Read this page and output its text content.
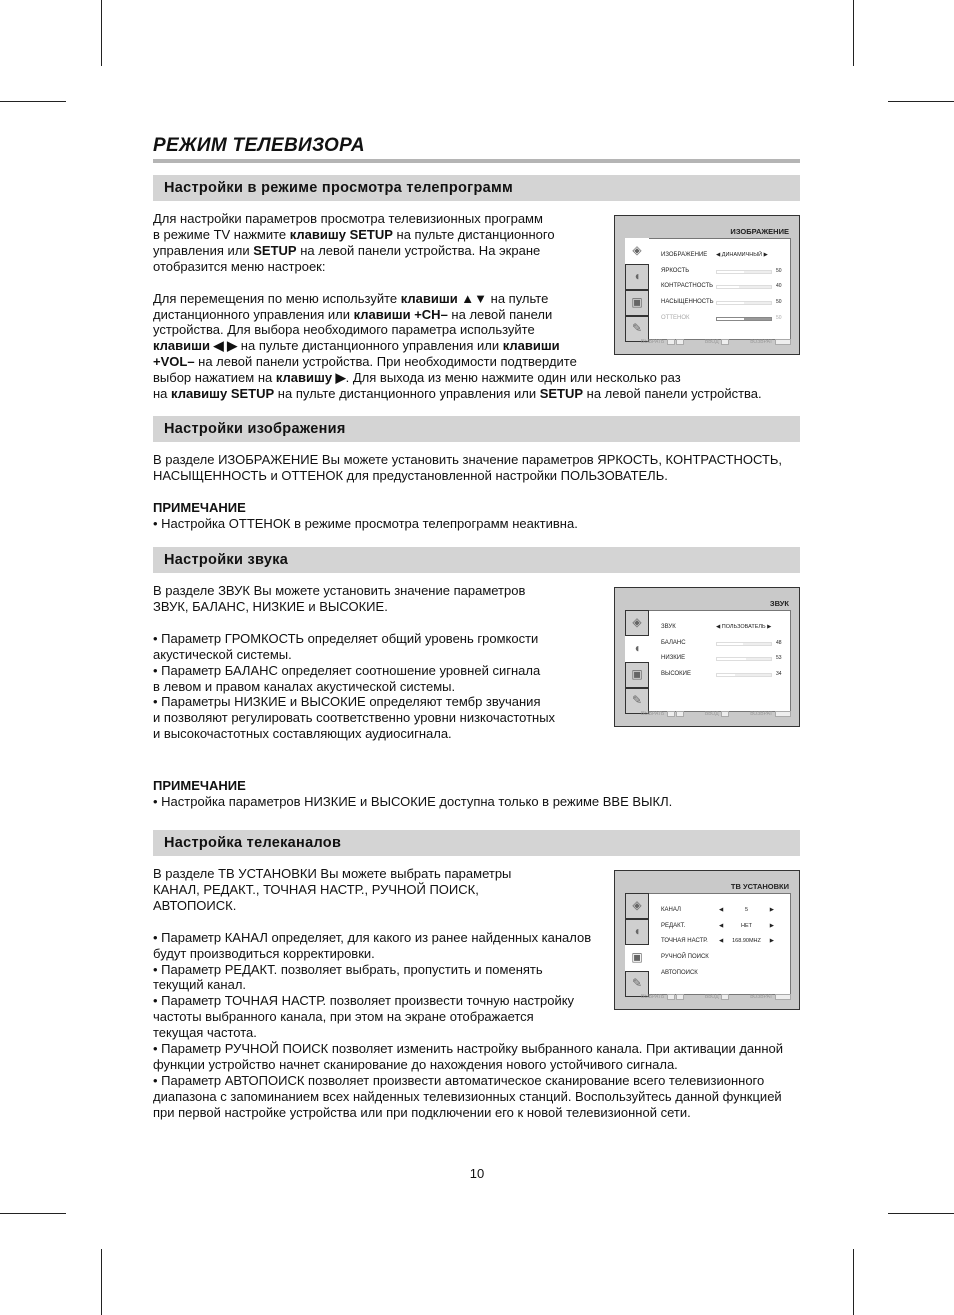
РЕЖИМ ТЕЛЕВИЗОРА
Настройки в режиме просмотра телепрограмм
ИЗОБРАЖЕНИЕ
◈
◖
▣
✎
ИЗОБРАЖЕНИЕ	◀ ДИНАМИЧНЫЙ ▶
ЯРКОСТЬ	50
КОНТРАСТНОСТЬ	40
НАСЫЩЕННОСТЬ	50
ОТТЕНОК	50
ВЫБРАТЬ	ВВОД	ВОЗВРАТ
Для настройки параметров просмотра телевизионных программ
в режиме TV нажмите клавишу SETUP на пульте дистанционного
управления или SETUP на левой панели устройства. На экране
отобразится меню настроек:
Для перемещения по меню используйте клавиши ▲▼ на пульте
дистанционного управления или клавиши +CH– на левой панели
устройства. Для выбора необходимого параметра используйте
клавиши ◀ ▶ на пульте дистанционного управления или клавиши
+VOL– на левой панели устройства. При необходимости подтвердите
выбор нажатием на клавишу ▶. Для выхода из меню нажмите один или несколько раз
на клавишу SETUP на пульте дистанционного управления или SETUP на левой панели устройства.
Настройки изображения
В разделе ИЗОБРАЖЕНИЕ Вы можете установить значение параметров ЯРКОСТЬ, КОНТРАСТНОСТЬ,
НАСЫЩЕННОСТЬ и ОТТЕНОК для предустановленной настройки ПОЛЬЗОВАТЕЛЬ.
ПРИМЕЧАНИЕ
• Настройка ОТТЕНОК в режиме просмотра телепрограмм неактивна.
Настройки звука
ЗВУК
◈
◖
▣
✎
ЗВУК	◀ ПОЛЬЗОВАТЕЛЬ ▶
БАЛАНС	48
НИЗКИЕ	53
ВЫСОКИЕ	34
ВЫБРАТЬ	ВВОД	ВОЗВРАТ
В разделе ЗВУК Вы можете установить значение параметров
ЗВУК, БАЛАНС, НИЗКИЕ и ВЫСОКИЕ.
• Параметр ГРОМКОСТЬ определяет общий уровень громкости
акустической системы.
• Параметр БАЛАНС определяет соотношение уровней сигнала
в левом и правом каналах акустической системы.
• Параметры НИЗКИЕ и ВЫСОКИЕ определяют тембр звучания
и позволяют регулировать соответственно уровни низкочастотных
и высокочастотных составляющих аудиосигнала.
ПРИМЕЧАНИЕ
• Настройка параметров НИЗКИЕ и ВЫСОКИЕ доступна только в режиме BBE ВЫКЛ.
Настройка телеканалов
ТВ УСТАНОВКИ
◈
◖
▣
✎
КАНАЛ	◀	5	▶
РЕДАКТ.	◀	НЕТ	▶
ТОЧНАЯ НАСТР.	◀ 168.90MHZ ▶
РУЧНОЙ ПОИСК
АВТОПОИСК
ВЫБРАТЬ	ВВОД	ВОЗВРАТ
В разделе ТВ УСТАНОВКИ Вы можете выбрать параметры
КАНАЛ, РЕДАКТ., ТОЧНАЯ НАСТР., РУЧНОЙ ПОИСК,
АВТОПОИСК.
• Параметр КАНАЛ определяет, для какого из ранее найденных каналов
будут производиться корректировки.
• Параметр РЕДАКТ. позволяет выбрать, пропустить и поменять
текущий канал.
• Параметр ТОЧНАЯ НАСТР. позволяет произвести точную настройку
частоты выбранного канала, при этом на экране отображается
текущая частота.
• Параметр РУЧНОЙ ПОИСК позволяет изменить настройку выбранного канала. При активации данной
функции устройство начнет сканирование до нахождения нового устойчивого сигнала.
• Параметр АВТОПОИСК позволяет произвести автоматическое сканирование всего телевизионного
диапазона с запоминанием всех найденных телевизионных станций. Воспользуйтесь данной функцией
при первой настройке устройства или при подключении его к новой телевизионной сети.
10
